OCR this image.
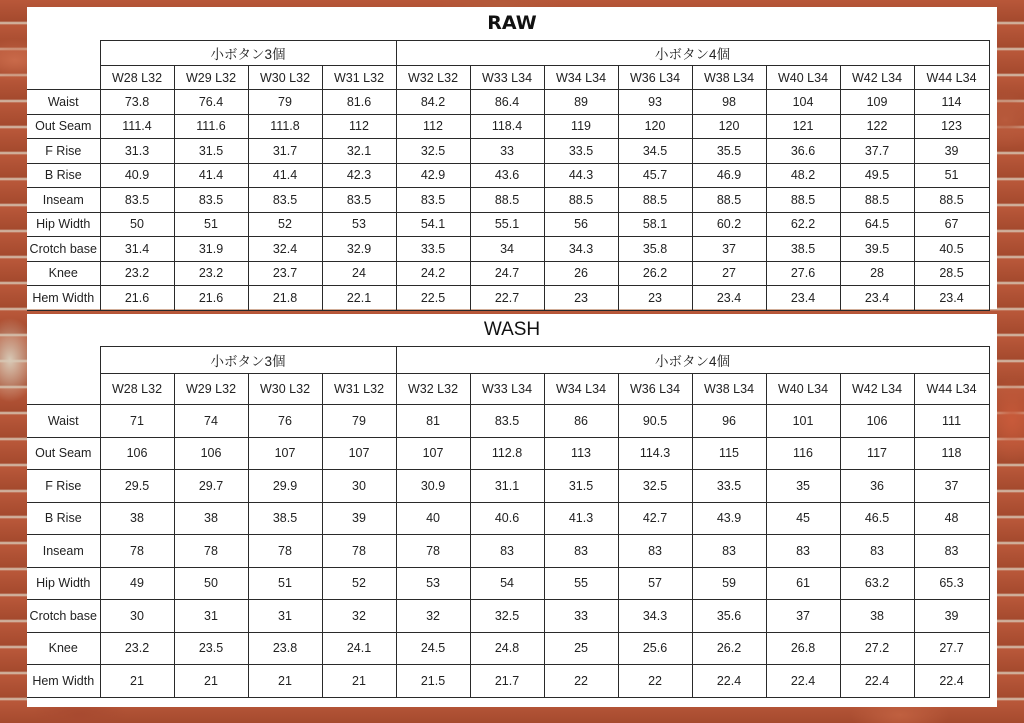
RAW
	小ボタン3個				小ボタン4個							
	W28 L32	W29 L32	W30 L32	W31 L32	W32 L32	W33 L34	W34 L34	W36 L34	W38 L34	W40 L34	W42 L34	W44 L34
Waist	73.8	76.4	79	81.6	84.2	86.4	89	93	98	104	109	114
Out Seam	111.4	111.6	111.8	112	112	118.4	119	120	120	121	122	123
F Rise	31.3	31.5	31.7	32.1	32.5	33	33.5	34.5	35.5	36.6	37.7	39
B Rise	40.9	41.4	41.4	42.3	42.9	43.6	44.3	45.7	46.9	48.2	49.5	51
Inseam	83.5	83.5	83.5	83.5	83.5	88.5	88.5	88.5	88.5	88.5	88.5	88.5
Hip Width	50	51	52	53	54.1	55.1	56	58.1	60.2	62.2	64.5	67
Crotch base	31.4	31.9	32.4	32.9	33.5	34	34.3	35.8	37	38.5	39.5	40.5
Knee	23.2	23.2	23.7	24	24.2	24.7	26	26.2	27	27.6	28	28.5
Hem Width	21.6	21.6	21.8	22.1	22.5	22.7	23	23	23.4	23.4	23.4	23.4
WASH
	小ボタン3個				小ボタン4個							
	W28 L32	W29 L32	W30 L32	W31 L32	W32 L32	W33 L34	W34 L34	W36 L34	W38 L34	W40 L34	W42 L34	W44 L34
Waist	71	74	76	79	81	83.5	86	90.5	96	101	106	111
Out Seam	106	106	107	107	107	112.8	113	114.3	115	116	117	118
F Rise	29.5	29.7	29.9	30	30.9	31.1	31.5	32.5	33.5	35	36	37
B Rise	38	38	38.5	39	40	40.6	41.3	42.7	43.9	45	46.5	48
Inseam	78	78	78	78	78	83	83	83	83	83	83	83
Hip Width	49	50	51	52	53	54	55	57	59	61	63.2	65.3
Crotch base	30	31	31	32	32	32.5	33	34.3	35.6	37	38	39
Knee	23.2	23.5	23.8	24.1	24.5	24.8	25	25.6	26.2	26.8	27.2	27.7
Hem Width	21	21	21	21	21.5	21.7	22	22	22.4	22.4	22.4	22.4
